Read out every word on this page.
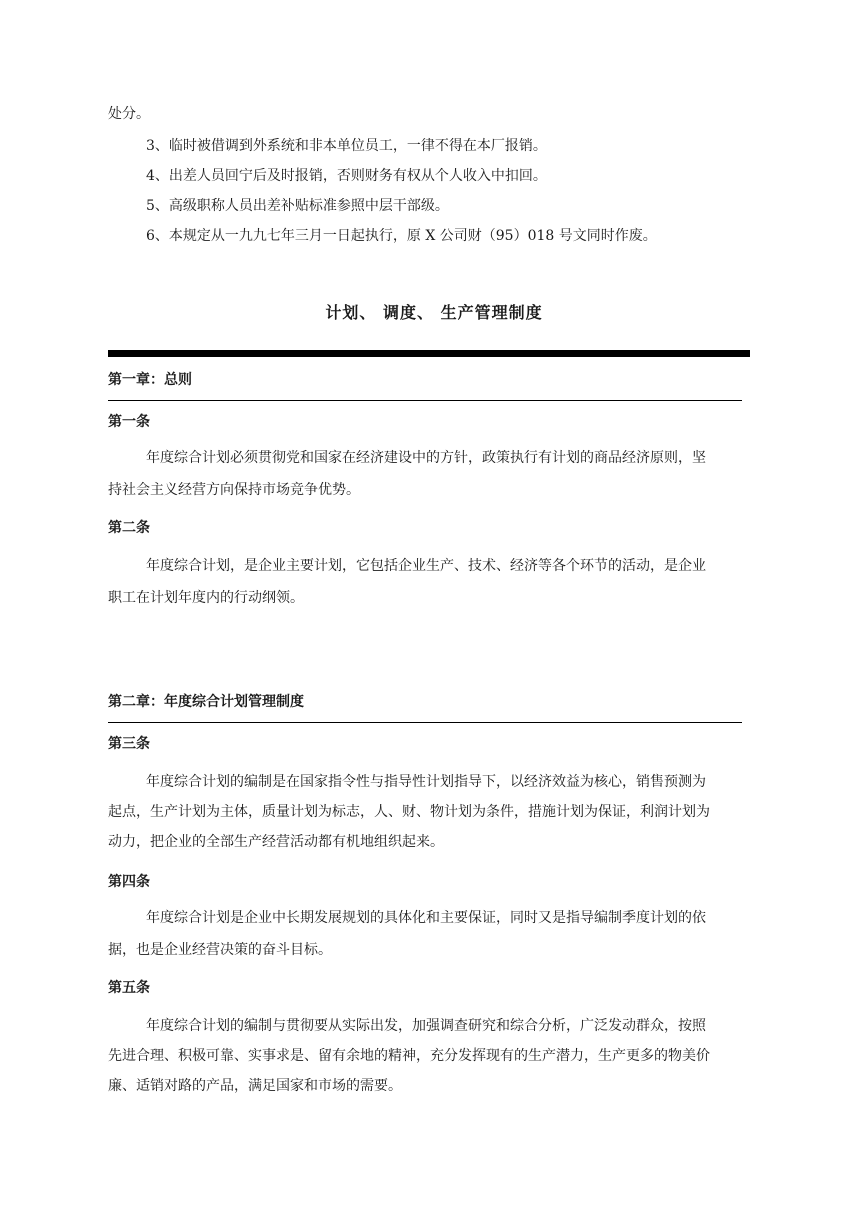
处分。
3、临时被借调到外系统和非本单位员工，一律不得在本厂报销。
4、出差人员回宁后及时报销，否则财务有权从个人收入中扣回。
5、高级职称人员出差补贴标准参照中层干部级。
6、本规定从一九九七年三月一日起执行，原 X 公司财（95）018 号文同时作废。
计划、 调度、 生产管理制度
第一章：总则
第一条
年度综合计划必须贯彻党和国家在经济建设中的方针，政策执行有计划的商品经济原则，坚
持社会主义经营方向保持市场竞争优势。
第二条
年度综合计划，是企业主要计划，它包括企业生产、技术、经济等各个环节的活动，是企业
职工在计划年度内的行动纲领。
第二章：年度综合计划管理制度
第三条
年度综合计划的编制是在国家指令性与指导性计划指导下，以经济效益为核心，销售预测为
起点，生产计划为主体，质量计划为标志，人、财、物计划为条件，措施计划为保证，利润计划为
动力，把企业的全部生产经营活动都有机地组织起来。
第四条
年度综合计划是企业中长期发展规划的具体化和主要保证，同时又是指导编制季度计划的依
据，也是企业经营决策的奋斗目标。
第五条
年度综合计划的编制与贯彻要从实际出发，加强调查研究和综合分析，广泛发动群众，按照
先进合理、积极可靠、实事求是、留有余地的精神，充分发挥现有的生产潜力，生产更多的物美价
廉、适销对路的产品，满足国家和市场的需要。
